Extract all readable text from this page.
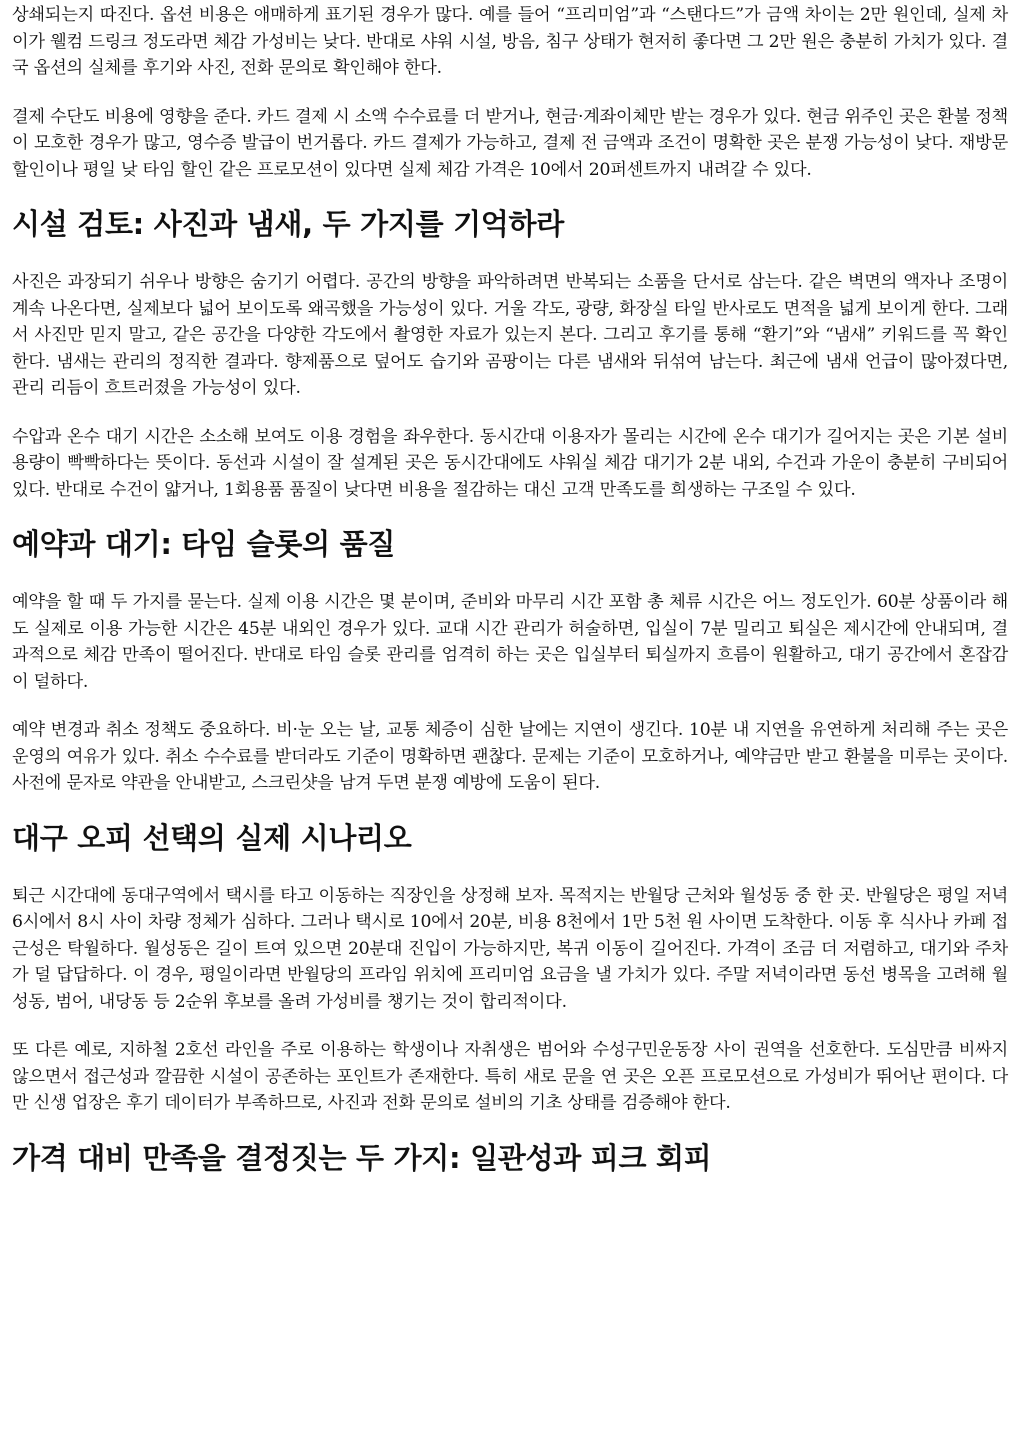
상쇄되는지 따진다. 옵션 비용은 애매하게 표기된 경우가 많다. 예를 들어 “프리미엄”과 “스탠다드”가 금액 차이는 2만 원인데, 실제 차이가 웰컴 드링크 정도라면 체감 가성비는 낮다. 반대로 샤워 시설, 방음, 침구 상태가 현저히 좋다면 그 2만 원은 충분히 가치가 있다. 결국 옵션의 실체를 후기와 사진, 전화 문의로 확인해야 한다.

결제 수단도 비용에 영향을 준다. 카드 결제 시 소액 수수료를 더 받거나, 현금·계좌이체만 받는 경우가 있다. 현금 위주인 곳은 환불 정책이 모호한 경우가 많고, 영수증 발급이 번거롭다. 카드 결제가 가능하고, 결제 전 금액과 조건이 명확한 곳은 분쟁 가능성이 낮다. 재방문 할인이나 평일 낮 타임 할인 같은 프로모션이 있다면 실제 체감 가격은 10에서 20퍼센트까지 내려갈 수 있다.

시설 검토: 사진과 냄새, 두 가지를 기억하라

사진은 과장되기 쉬우나 방향은 숨기기 어렵다. 공간의 방향을 파악하려면 반복되는 소품을 단서로 삼는다. 같은 벽면의 액자나 조명이 계속 나온다면, 실제보다 넓어 보이도록 왜곡했을 가능성이 있다. 거울 각도, 광량, 화장실 타일 반사로도 면적을 넓게 보이게 한다. 그래서 사진만 믿지 말고, 같은 공간을 다양한 각도에서 촬영한 자료가 있는지 본다. 그리고 후기를 통해 “환기”와 “냄새” 키워드를 꼭 확인한다. 냄새는 관리의 정직한 결과다. 향제품으로 덮어도 습기와 곰팡이는 다른 냄새와 뒤섞여 남는다. 최근에 냄새 언급이 많아졌다면, 관리 리듬이 흐트러졌을 가능성이 있다.

수압과 온수 대기 시간은 소소해 보여도 이용 경험을 좌우한다. 동시간대 이용자가 몰리는 시간에 온수 대기가 길어지는 곳은 기본 설비 용량이 빡빡하다는 뜻이다. 동선과 시설이 잘 설계된 곳은 동시간대에도 샤워실 체감 대기가 2분 내외, 수건과 가운이 충분히 구비되어 있다. 반대로 수건이 얇거나, 1회용품 품질이 낮다면 비용을 절감하는 대신 고객 만족도를 희생하는 구조일 수 있다.

예약과 대기: 타임 슬롯의 품질

예약을 할 때 두 가지를 묻는다. 실제 이용 시간은 몇 분이며, 준비와 마무리 시간 포함 총 체류 시간은 어느 정도인가. 60분 상품이라 해도 실제로 이용 가능한 시간은 45분 내외인 경우가 있다. 교대 시간 관리가 허술하면, 입실이 7분 밀리고 퇴실은 제시간에 안내되며, 결과적으로 체감 만족이 떨어진다. 반대로 타임 슬롯 관리를 엄격히 하는 곳은 입실부터 퇴실까지 흐름이 원활하고, 대기 공간에서 혼잡감이 덜하다.

예약 변경과 취소 정책도 중요하다. 비·눈 오는 날, 교통 체증이 심한 날에는 지연이 생긴다. 10분 내 지연을 유연하게 처리해 주는 곳은 운영의 여유가 있다. 취소 수수료를 받더라도 기준이 명확하면 괜찮다. 문제는 기준이 모호하거나, 예약금만 받고 환불을 미루는 곳이다. 사전에 문자로 약관을 안내받고, 스크린샷을 남겨 두면 분쟁 예방에 도움이 된다.

대구 오피 선택의 실제 시나리오

퇴근 시간대에 동대구역에서 택시를 타고 이동하는 직장인을 상정해 보자. 목적지는 반월당 근처와 월성동 중 한 곳. 반월당은 평일 저녁 6시에서 8시 사이 차량 정체가 심하다. 그러나 택시로 10에서 20분, 비용 8천에서 1만 5천 원 사이면 도착한다. 이동 후 식사나 카페 접근성은 탁월하다. 월성동은 길이 트여 있으면 20분대 진입이 가능하지만, 복귀 이동이 길어진다. 가격이 조금 더 저렴하고, 대기와 주차가 덜 답답하다. 이 경우, 평일이라면 반월당의 프라임 위치에 프리미엄 요금을 낼 가치가 있다. 주말 저녁이라면 동선 병목을 고려해 월성동, 범어, 내당동 등 2순위 후보를 올려 가성비를 챙기는 것이 합리적이다.

또 다른 예로, 지하철 2호선 라인을 주로 이용하는 학생이나 자취생은 범어와 수성구민운동장 사이 권역을 선호한다. 도심만큼 비싸지 않으면서 접근성과 깔끔한 시설이 공존하는 포인트가 존재한다. 특히 새로 문을 연 곳은 오픈 프로모션으로 가성비가 뛰어난 편이다. 다만 신생 업장은 후기 데이터가 부족하므로, 사진과 전화 문의로 설비의 기초 상태를 검증해야 한다.

가격 대비 만족을 결정짓는 두 가지: 일관성과 피크 회피
